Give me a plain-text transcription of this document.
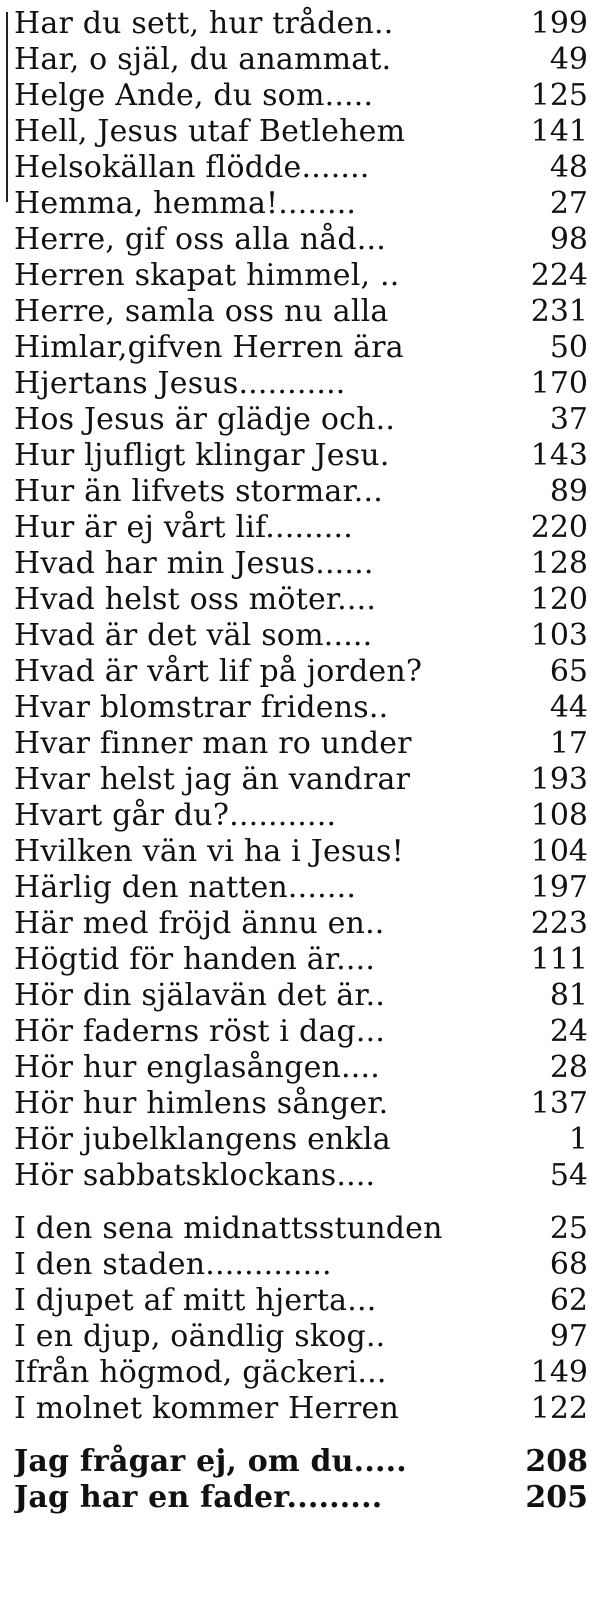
Har du sett, hur tråden..	199
Har, o själ, du anammat.	49
Helge Ande, du som.....	125
Hell, Jesus utaf Betlehem	141
Helsokällan flödde.......	48
Hemma, hemma!........	27
Herre, gif oss alla nåd...	98
Herren skapat himmel, ..	224
Herre, samla oss nu alla	231
Himlar,gifven Herren ära	50
Hjertans Jesus...........	170
Hos Jesus är glädje och..	37
Hur ljufligt klingar Jesu.	143
Hur än lifvets stormar...	89
Hur är ej vårt lif.........	220
Hvad har min Jesus......	128
Hvad helst oss möter....	120
Hvad är det väl som.....	103
Hvad är vårt lif på jorden?	65
Hvar blomstrar fridens..	44
Hvar finner man ro under	17
Hvar helst jag än vandrar	193
Hvart går du?...........	108
Hvilken vän vi ha i Jesus!	104
Härlig den natten.......	197
Här med fröjd ännu en..	223
Högtid för handen är....	111
Hör din själavän det är..	81
Hör faderns röst i dag...	24
Hör hur englasången....	28
Hör hur himlens sånger.	137
Hör jubelklangens enkla	1
Hör sabbatsklockans....	54
I den sena midnattsstunden	25
I den staden.............	68
I djupet af mitt hjerta...	62
I en djup, oändlig skog..	97
Ifrån högmod, gäckeri...	149
I molnet kommer Herren	122
Jag frågar ej, om du.....	208
Jag har en fader.........	205
